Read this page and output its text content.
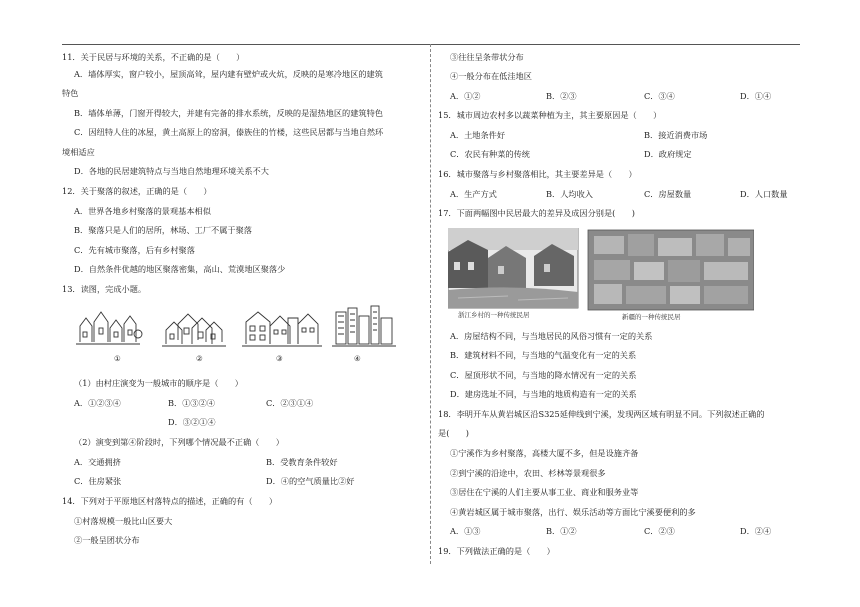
11．关于民居与环境的关系，不正确的是（　　）
A．墙体厚实，窗户较小，屋顶高耸，屋内建有壁炉或火炕，反映的是寒冷地区的建筑
特色
B．墙体单薄，门窗开得较大，并建有完备的排水系统，反映的是湿热地区的建筑特色
C．因纽特人住的冰屋，黄土高原上的窑洞，傣族住的竹楼，这些民居都与当地自然环
境相适应
D．各地的民居建筑特点与当地自然地理环境关系不大
12．关于聚落的叙述，正确的是（　　）
A．世界各地乡村聚落的景观基本相似
B．聚落只是人们的居所，林场、工厂不属于聚落
C．先有城市聚落，后有乡村聚落
D．自然条件优越的地区聚落密集，高山、荒漠地区聚落少
13．读图，完成小题。
①	②	③	④
（1）由村庄演变为一般城市的顺序是（　　）
A．①②③④	B．①③②④	C．②③①④
D．③②①④
（2）演变到第④阶段时，下列哪个情况最不正确（　　）
A．交通拥挤	B．受教育条件较好
C．住房紧张	D．④的空气质量比②好
14．下列对于平原地区村落特点的描述，正确的有（　　）
①村落规模一般比山区要大
②一般呈团状分布
③往往呈条带状分布
④一般分布在低洼地区
A．①②	B．②③	C．③④	D．①④
15．城市周边农村多以蔬菜种植为主，其主要原因是（　　）
A．土地条件好	B．接近消费市场
C．农民有种菜的传统	D．政府规定
16．城市聚落与乡村聚落相比，其主要差异是（　　）
A．生产方式	B．人均收入	C．房屋数量	D．人口数量
17．下面两幅图中民居最大的差异及成因分别是(　　)
浙江乡村的一种传统民居	新疆的一种传统民居
A．房屋结构不同，与当地居民的风俗习惯有一定的关系
B．建筑材料不同，与当地的气温变化有一定的关系
C．屋顶形状不同，与当地的降水情况有一定的关系
D．建房选址不同，与当地的地质构造有一定的关系
18．李明开车从黄岩城区沿S325延伸线到宁溪，发现两区域有明显不同。下列叙述正确的
是(　　)
①宁溪作为乡村聚落，高楼大厦不多，但是设施齐备
②到宁溪的沿途中，农田、杉林等景观很多
③居住在宁溪的人们主要从事工业、商业和服务业等
④黄岩城区属于城市聚落，出行、娱乐活动等方面比宁溪要便利的多
A．①③	B．①②	C．②③	D．②④
19．下列做法正确的是（　　）
